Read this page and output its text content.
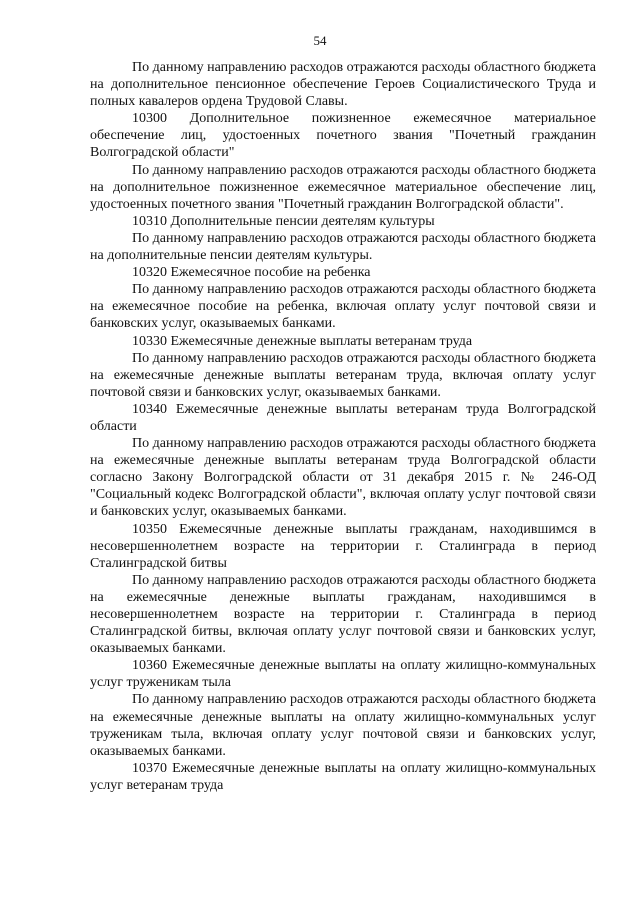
54

По данному направлению расходов отражаются расходы областного бюджета на дополнительное пенсионное обеспечение Героев Социалистического Труда и полных кавалеров ордена Трудовой Славы.

10300 Дополнительное пожизненное ежемесячное материальное обеспечение лиц, удостоенных почетного звания "Почетный гражданин Волгоградской области"

По данному направлению расходов отражаются расходы областного бюджета на дополнительное пожизненное ежемесячное материальное обеспечение лиц, удостоенных почетного звания "Почетный гражданин Волгоградской области".

10310 Дополнительные пенсии деятелям культуры

По данному направлению расходов отражаются расходы областного бюджета на дополнительные пенсии деятелям культуры.

10320 Ежемесячное пособие на ребенка

По данному направлению расходов отражаются расходы областного бюджета на ежемесячное пособие на ребенка, включая оплату услуг почтовой связи и банковских услуг, оказываемых банками.

10330 Ежемесячные денежные выплаты ветеранам труда

По данному направлению расходов отражаются расходы областного бюджета на ежемесячные денежные выплаты ветеранам труда, включая оплату услуг почтовой связи и банковских услуг, оказываемых банками.

10340 Ежемесячные денежные выплаты ветеранам труда Волгоградской области

По данному направлению расходов отражаются расходы областного бюджета на ежемесячные денежные выплаты ветеранам труда Волгоградской области согласно Закону Волгоградской области от 31 декабря 2015 г. № 246-ОД "Социальный кодекс Волгоградской области", включая оплату услуг почтовой связи и банковских услуг, оказываемых банками.

10350 Ежемесячные денежные выплаты гражданам, находившимся в несовершеннолетнем возрасте на территории г. Сталинграда в период Сталинградской битвы

По данному направлению расходов отражаются расходы областного бюджета на ежемесячные денежные выплаты гражданам, находившимся в несовершеннолетнем возрасте на территории г. Сталинграда в период Сталинградской битвы, включая оплату услуг почтовой связи и банковских услуг, оказываемых банками.

10360 Ежемесячные денежные выплаты на оплату жилищно-коммунальных услуг труженикам тыла

По данному направлению расходов отражаются расходы областного бюджета на ежемесячные денежные выплаты на оплату жилищно-коммунальных услуг труженикам тыла, включая оплату услуг почтовой связи и банковских услуг, оказываемых банками.

10370 Ежемесячные денежные выплаты на оплату жилищно-коммунальных услуг ветеранам труда
